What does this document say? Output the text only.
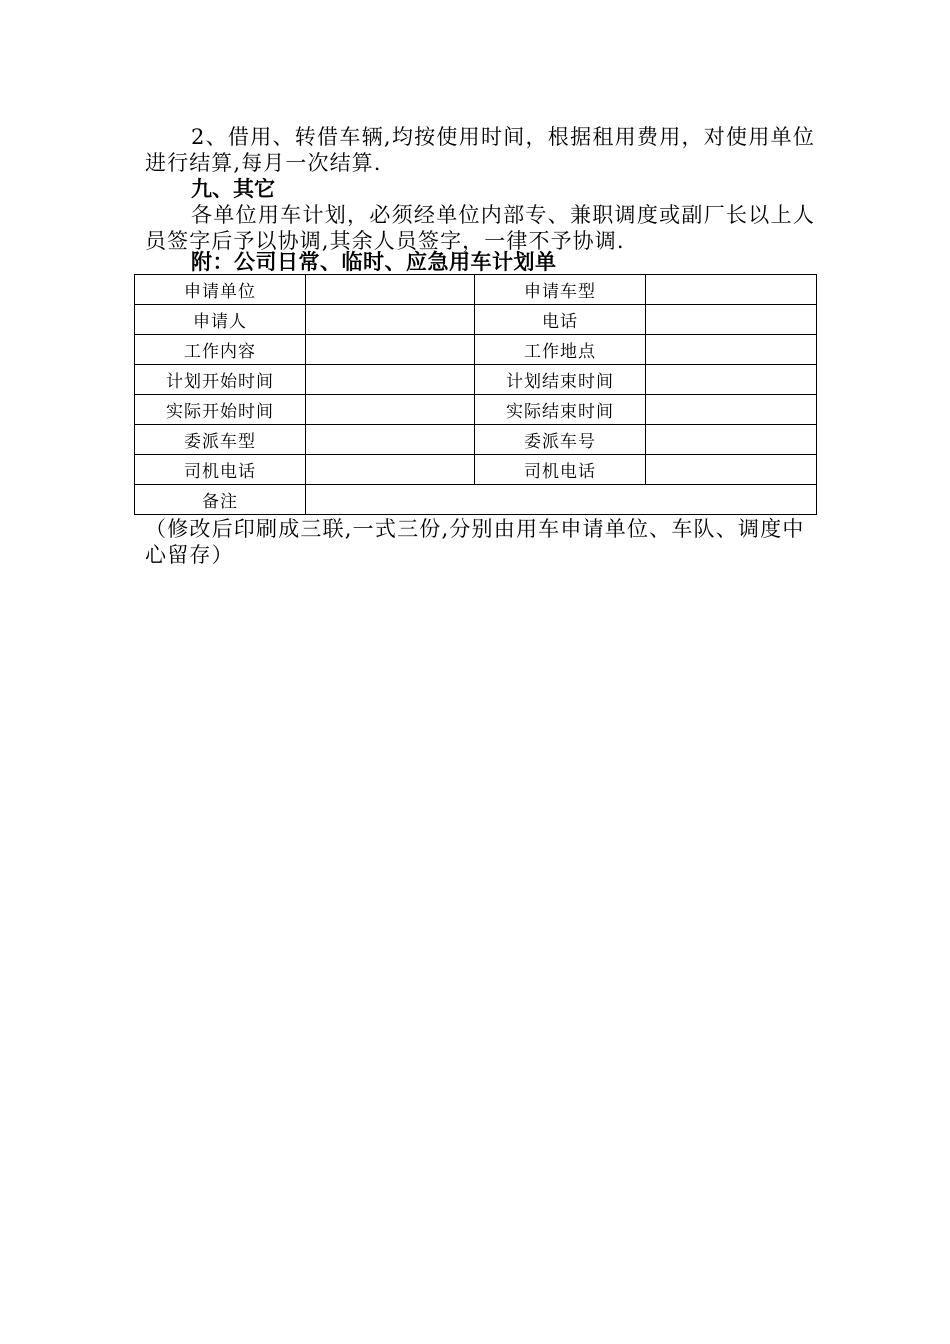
2、借用、转借车辆,均按使用时间，根据租用费用，对使用单位进行结算,每月一次结算.

九、其它

各单位用车计划，必须经单位内部专、兼职调度或副厂长以上人员签字后予以协调,其余人员签字，一律不予协调.

附：公司日常、临时、应急用车计划单

申请单位		申请车型	
申请人		电话	
工作内容		工作地点	
计划开始时间		计划结束时间	
实际开始时间		实际结束时间	
委派车型		委派车号	
司机电话		司机电话	
备注			

（修改后印刷成三联,一式三份,分别由用车申请单位、车队、调度中心留存）
